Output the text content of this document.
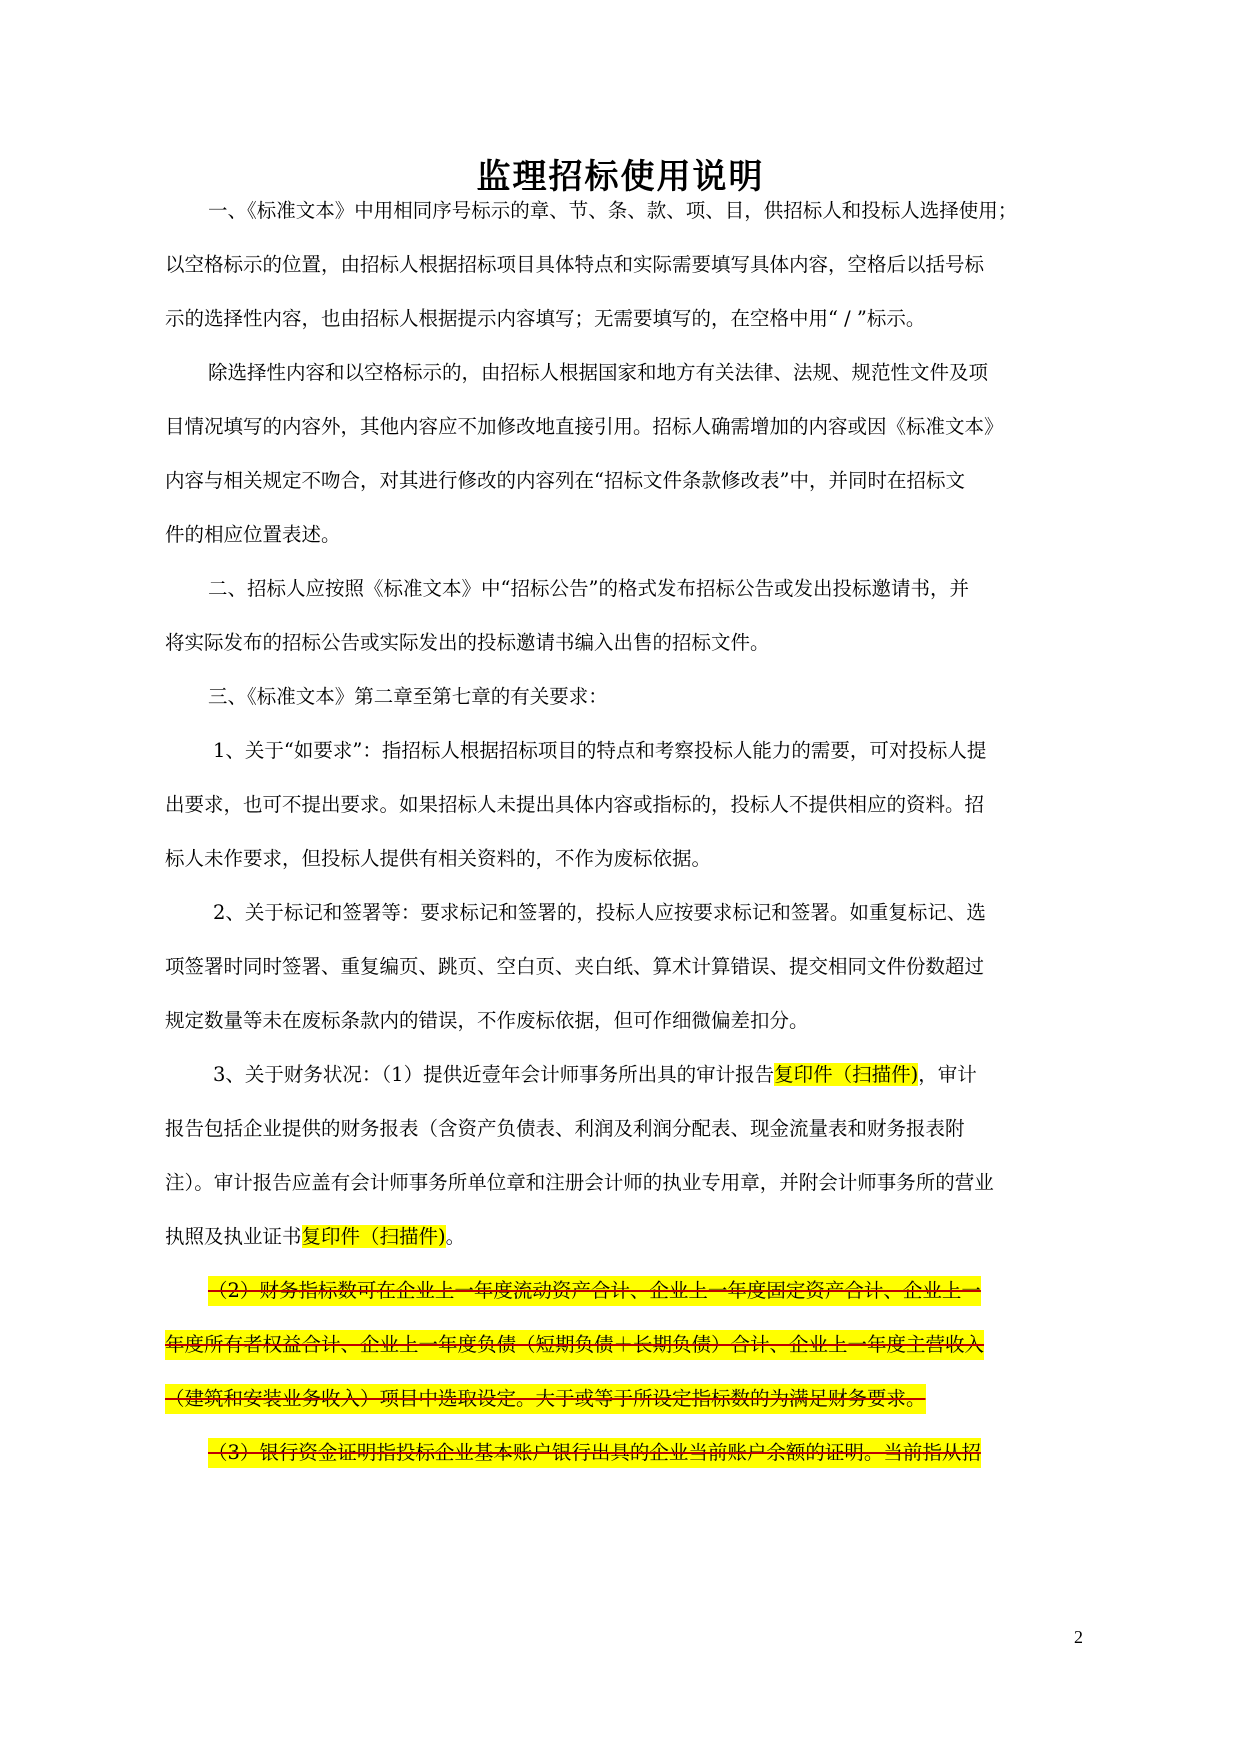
监理招标使用说明
一、《标准文本》中用相同序号标示的章、节、条、款、项、目，供招标人和投标人选择使用；
以空格标示的位置，由招标人根据招标项目具体特点和实际需要填写具体内容，空格后以括号标
示的选择性内容，也由招标人根据提示内容填写；无需要填写的，在空格中用“ / ”标示。
除选择性内容和以空格标示的，由招标人根据国家和地方有关法律、法规、规范性文件及项
目情况填写的内容外，其他内容应不加修改地直接引用。招标人确需增加的内容或因《标准文本》
内容与相关规定不吻合，对其进行修改的内容列在“招标文件条款修改表”中，并同时在招标文
件的相应位置表述。
二、招标人应按照《标准文本》中“招标公告”的格式发布招标公告或发出投标邀请书，并
将实际发布的招标公告或实际发出的投标邀请书编入出售的招标文件。
三、《标准文本》第二章至第七章的有关要求：
1、关于“如要求”：指招标人根据招标项目的特点和考察投标人能力的需要，可对投标人提
出要求，也可不提出要求。如果招标人未提出具体内容或指标的，投标人不提供相应的资料。招
标人未作要求，但投标人提供有相关资料的，不作为废标依据。
2、关于标记和签署等：要求标记和签署的，投标人应按要求标记和签署。如重复标记、选
项签署时同时签署、重复编页、跳页、空白页、夹白纸、算术计算错误、提交相同文件份数超过
规定数量等未在废标条款内的错误，不作废标依据，但可作细微偏差扣分。
3、关于财务状况：（1）提供近壹年会计师事务所出具的审计报告复印件（扫描件)，审计
报告包括企业提供的财务报表（含资产负债表、利润及利润分配表、现金流量表和财务报表附
注）。审计报告应盖有会计师事务所单位章和注册会计师的执业专用章，并附会计师事务所的营业
执照及执业证书复印件（扫描件)。
（2）财务指标数可在企业上一年度流动资产合计、企业上一年度固定资产合计、企业上一
年度所有者权益合计、企业上一年度负债（短期负债＋长期负债）合计、企业上一年度主营收入
（建筑和安装业务收入）项目中选取设定。大于或等于所设定指标数的为满足财务要求。
（3）银行资金证明指投标企业基本账户银行出具的企业当前账户余额的证明。当前指从招
2
